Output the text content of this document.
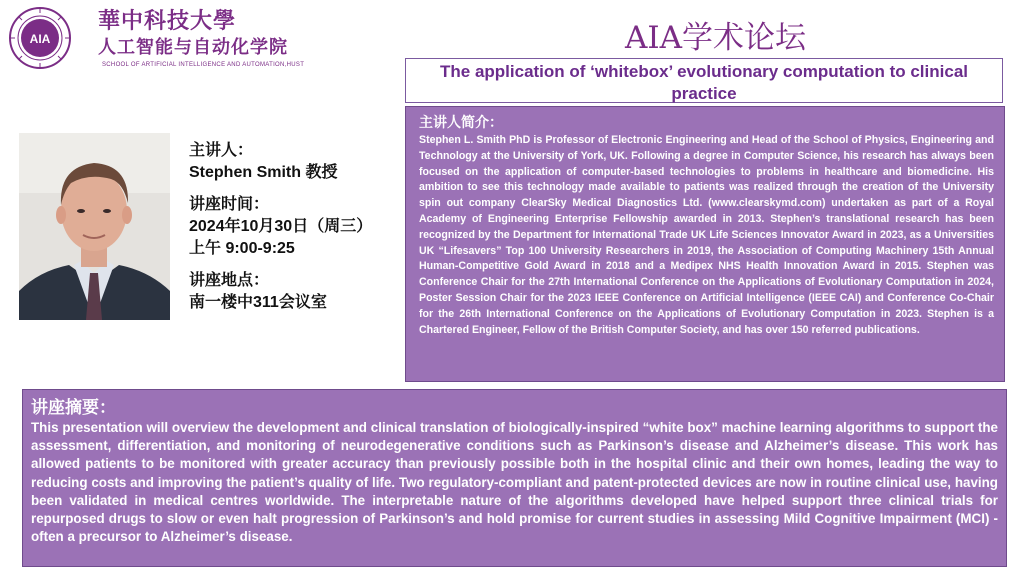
AIA
華中科技大學
人工智能与自动化学院
SCHOOL OF ARTIFICIAL INTELLIGENCE AND AUTOMATION,HUST
AIA学术论坛
The application of ‘whitebox’ evolutionary computation to clinical practice
主讲人：
Stephen Smith 教授
讲座时间：
2024年10月30日（周三）
上午 9:00-9:25
讲座地点：
南一楼中311会议室
主讲人简介：
Stephen L. Smith PhD is Professor of Electronic Engineering and Head of the School of Physics, Engineering and Technology at the University of York, UK. Following a degree in Computer Science, his research has always been focused on the application of computer-based technologies to problems in healthcare and biomedicine. His ambition to see this technology made available to patients was realized through the creation of the University spin out company ClearSky Medical Diagnostics Ltd. (www.clearskymd.com) undertaken as part of a Royal Academy of Engineering Enterprise Fellowship awarded in 2013. Stephen’s translational research has been recognized by the Department for International Trade UK Life Sciences Innovator Award in 2023, as a Universities UK “Lifesavers” Top 100 University Researchers in 2019, the Association of Computing Machinery 15th Annual Human-Competitive Gold Award in 2018 and a Medipex NHS Health Innovation Award in 2015. Stephen was Conference Chair for the 27th International Conference on the Applications of Evolutionary Computation in 2024, Poster Session Chair for the 2023 IEEE Conference on Artificial Intelligence (IEEE CAI) and Conference Co-Chair for the 26th International Conference on the Applications of Evolutionary Computation in 2023. Stephen is a Chartered Engineer, Fellow of the British Computer Society, and has over 150 referred publications.
讲座摘要：
This presentation will overview the development and clinical translation of biologically-inspired “white box” machine learning algorithms to support the assessment, differentiation, and monitoring of neurodegenerative conditions such as Parkinson’s disease and Alzheimer’s disease. This work has allowed patients to be monitored with greater accuracy than previously possible both in the hospital clinic and their own homes, leading the way to reducing costs and improving the patient’s quality of life. Two regulatory-compliant and patent-protected devices are now in routine clinical use, having been validated in medical centres worldwide. The interpretable nature of the algorithms developed have helped support three clinical trials for repurposed drugs to slow or even halt progression of Parkinson’s and hold promise for current studies in assessing Mild Cognitive Impairment (MCI) - often a precursor to Alzheimer’s disease.
